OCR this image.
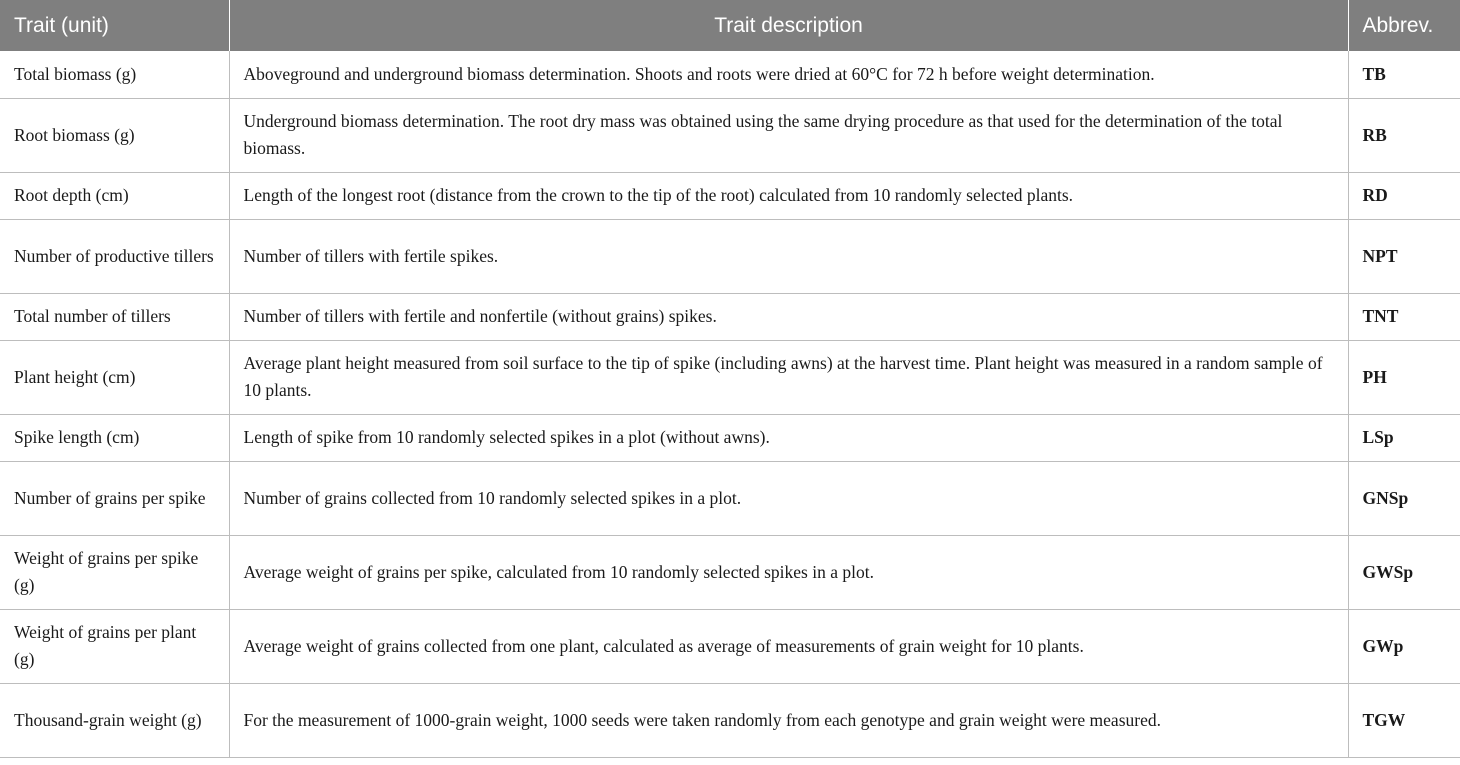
Trait (unit)	Trait description	Abbrev.
Total biomass (g)	Aboveground and underground biomass determination. Shoots and roots were dried at 60°C for 72 h before weight determination.	TB
Root biomass (g)	Underground biomass determination. The root dry mass was obtained using the same drying procedure as that used for the determination of the total biomass.	RB
Root depth (cm)	Length of the longest root (distance from the crown to the tip of the root) calculated from 10 randomly selected plants.	RD
Number of productive tillers	Number of tillers with fertile spikes.	NPT
Total number of tillers	Number of tillers with fertile and nonfertile (without grains) spikes.	TNT
Plant height (cm)	Average plant height measured from soil surface to the tip of spike (including awns) at the harvest time. Plant height was measured in a random sample of 10 plants.	PH
Spike length (cm)	Length of spike from 10 randomly selected spikes in a plot (without awns).	LSp
Number of grains per spike	Number of grains collected from 10 randomly selected spikes in a plot.	GNSp
Weight of grains per spike (g)	Average weight of grains per spike, calculated from 10 randomly selected spikes in a plot.	GWSp
Weight of grains per plant (g)	Average weight of grains collected from one plant, calculated as average of measurements of grain weight for 10 plants.	GWp
Thousand-grain weight (g)	For the measurement of 1000-grain weight, 1000 seeds were taken randomly from each genotype and grain weight were measured.	TGW
